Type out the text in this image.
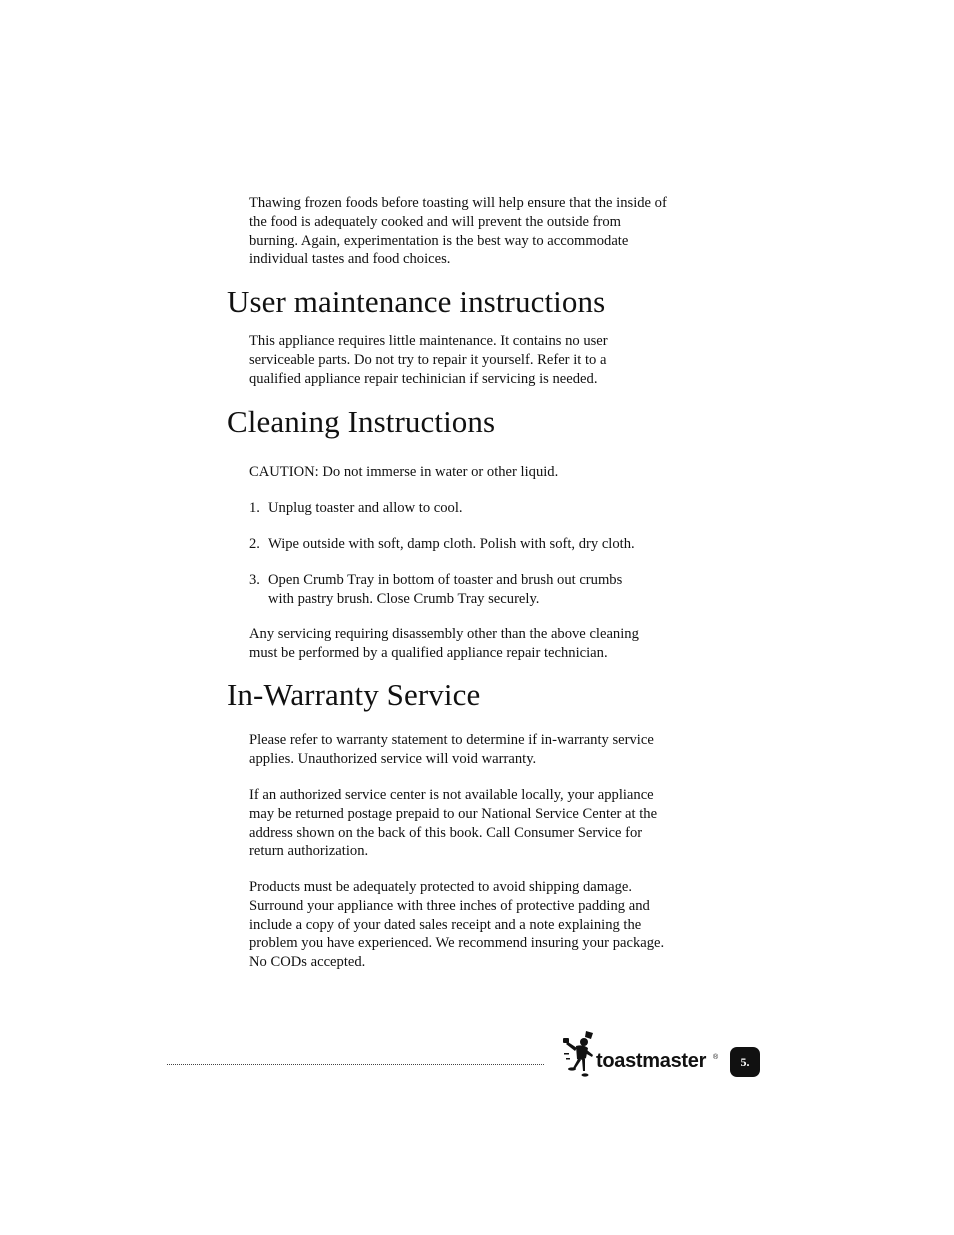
Thawing frozen foods before toasting will help ensure that the inside of
the food is adequately cooked and will prevent the outside from
burning. Again, experimentation is the best way to accommodate
individual tastes and food choices.

User maintenance instructions

This appliance requires little maintenance. It contains no user
serviceable parts. Do not try to repair it yourself. Refer it to a
qualified appliance repair techinician if servicing is needed.

Cleaning Instructions

CAUTION: Do not immerse in water or other liquid.

1. Unplug toaster and allow to cool.
2. Wipe outside with soft, damp cloth. Polish with soft, dry cloth.
3. Open Crumb Tray in bottom of toaster and brush out crumbs
with pastry brush. Close Crumb Tray securely.

Any servicing requiring disassembly other than the above cleaning
must be performed by a qualified appliance repair technician.

In-Warranty Service

Please refer to warranty statement to determine if in-warranty service
applies. Unauthorized service will void warranty.

If an authorized service center is not available locally, your appliance
may be returned postage prepaid to our National Service Center at the
address shown on the back of this book. Call Consumer Service for
return authorization.

Products must be adequately protected to avoid shipping damage.
Surround your appliance with three inches of protective padding and
include a copy of your dated sales receipt and a note explaining the
problem you have experienced. We recommend insuring your package.
No CODs accepted.

toastmaster ®	5.
